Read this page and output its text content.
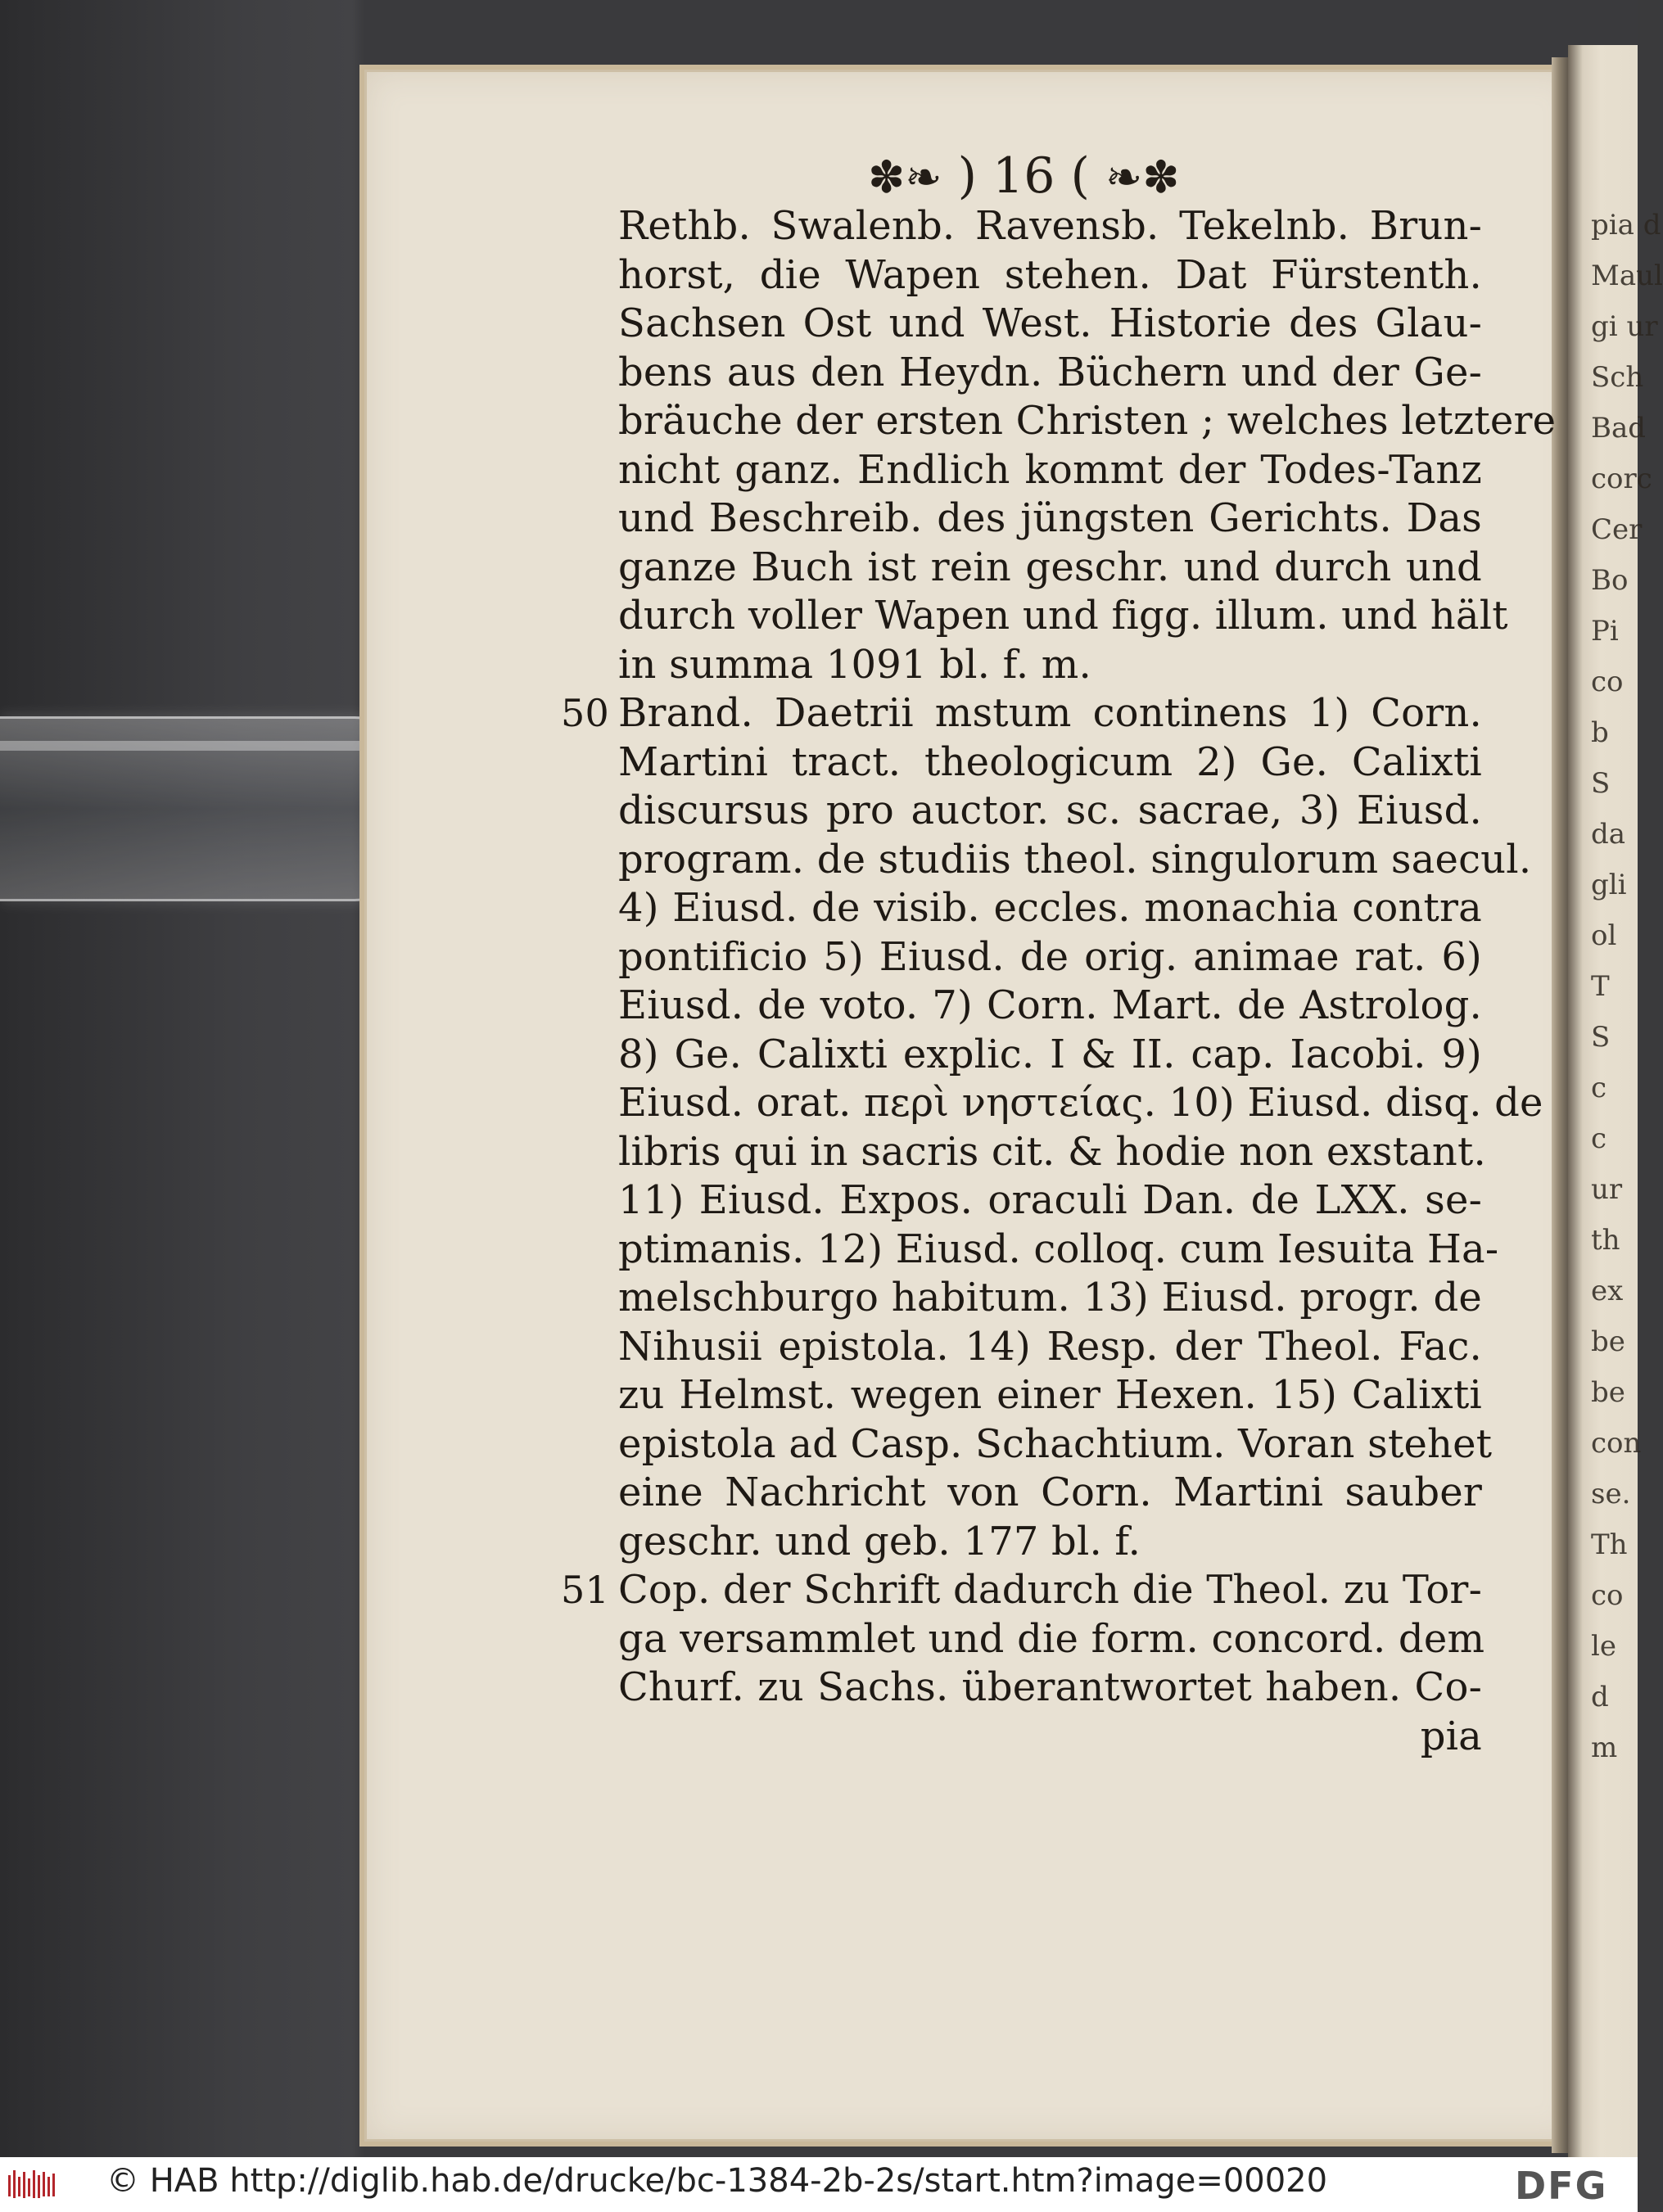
pia d
Maul
gi ur
Sch
Bad
corc
Cer
Bo
Pi
co
b
S
da
gli
ol
T
S
c
c
ur
th
ex
be
be
con
se.
Th
co
le
d
m
✽❧ ) 16 ( ❧✽
Rethb. Swalenb. Ravensb. Tekelnb. Brun-
horst, die Wapen stehen. Dat Fürstenth.
Sachsen Ost und West. Historie des Glau-
bens aus den Heydn. Büchern und der Ge-
bräuche der ersten Christen ; welches letztere
nicht ganz. Endlich kommt der Todes-Tanz
und Beschreib. des jüngsten Gerichts. Das
ganze Buch ist rein geschr. und durch und
durch voller Wapen und figg. illum. und hält
in summa 1091 bl. f. m.
50 Brand. Daetrii mstum continens 1) Corn.
Martini tract. theologicum 2) Ge. Calixti
discursus pro auctor. sc. sacrae, 3) Eiusd.
program. de studiis theol. singulorum saecul.
4) Eiusd. de visib. eccles. monachia contra
pontificio 5) Eiusd. de orig. animae rat. 6)
Eiusd. de voto. 7) Corn. Mart. de Astrolog.
8) Ge. Calixti explic. I & II. cap. Iacobi. 9)
Eiusd. orat. περὶ νηστείας. 10) Eiusd. disq. de
libris qui in sacris cit. & hodie non exstant.
11) Eiusd. Expos. oraculi Dan. de LXX. se-
ptimanis. 12) Eiusd. colloq. cum Iesuita Ha-
melschburgo habitum. 13) Eiusd. progr. de
Nihusii epistola. 14) Resp. der Theol. Fac.
zu Helmst. wegen einer Hexen. 15) Calixti
epistola ad Casp. Schachtium. Voran stehet
eine Nachricht von Corn. Martini sauber
geschr. und geb. 177 bl. f.
51 Cop. der Schrift dadurch die Theol. zu Tor-
ga versammlet und die form. concord. dem
Churf. zu Sachs. überantwortet haben. Co-
pia
© HAB http://diglib.hab.de/drucke/bc-1384-2b-2s/start.htm?image=00020	DFG
